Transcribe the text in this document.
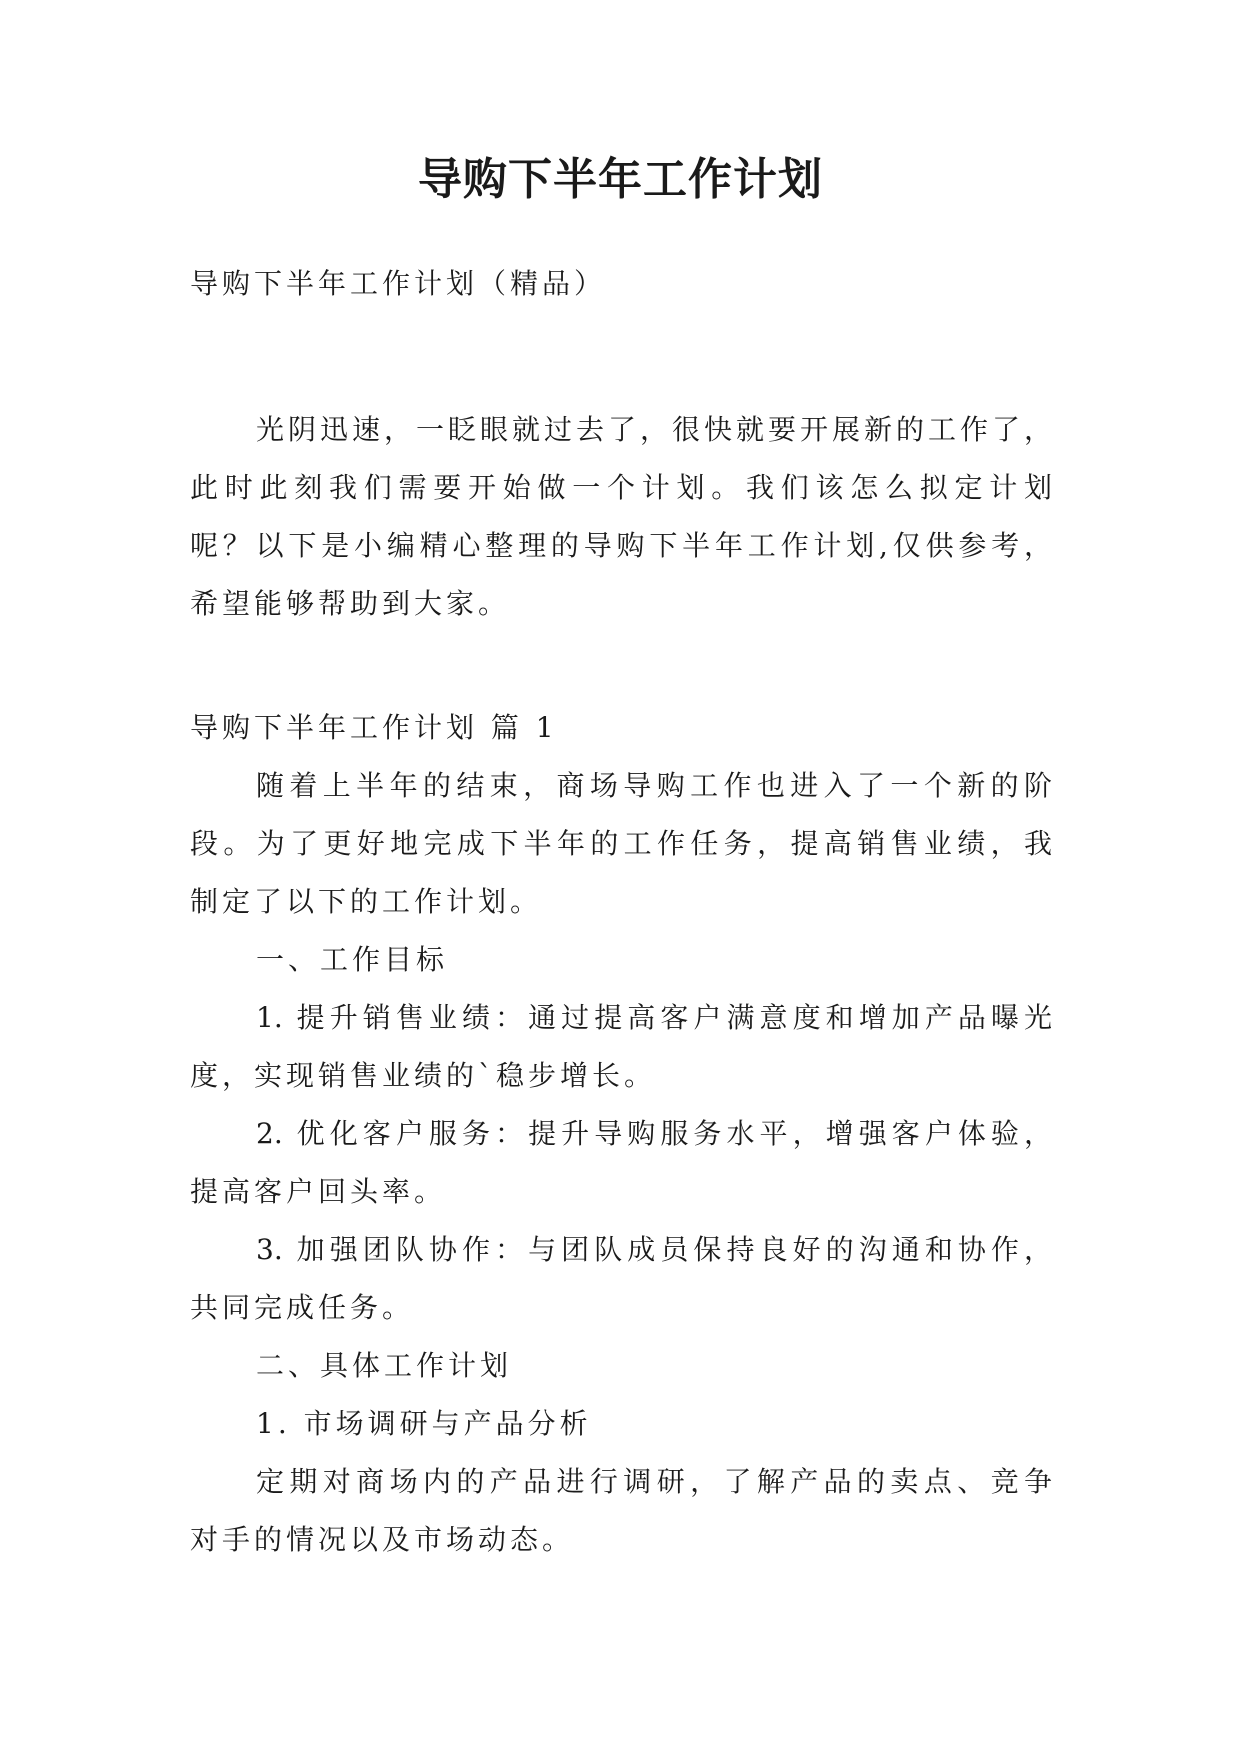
导购下半年工作计划
导购下半年工作计划（精品）
光阴迅速，一眨眼就过去了，很快就要开展新的工作了，
此时此刻我们需要开始做一个计划。我们该怎么拟定计划
呢？以下是小编精心整理的导购下半年工作计划,仅供参考，
希望能够帮助到大家。
导购下半年工作计划 篇 1
随着上半年的结束，商场导购工作也进入了一个新的阶
段。为了更好地完成下半年的工作任务，提高销售业绩，我
制定了以下的工作计划。
一、工作目标
1. 提升销售业绩：通过提高客户满意度和增加产品曝光
度，实现销售业绩的`稳步增长。
2. 优化客户服务：提升导购服务水平，增强客户体验，
提高客户回头率。
3. 加强团队协作：与团队成员保持良好的沟通和协作，
共同完成任务。
二、具体工作计划
1. 市场调研与产品分析
定期对商场内的产品进行调研，了解产品的卖点、竞争
对手的情况以及市场动态。
